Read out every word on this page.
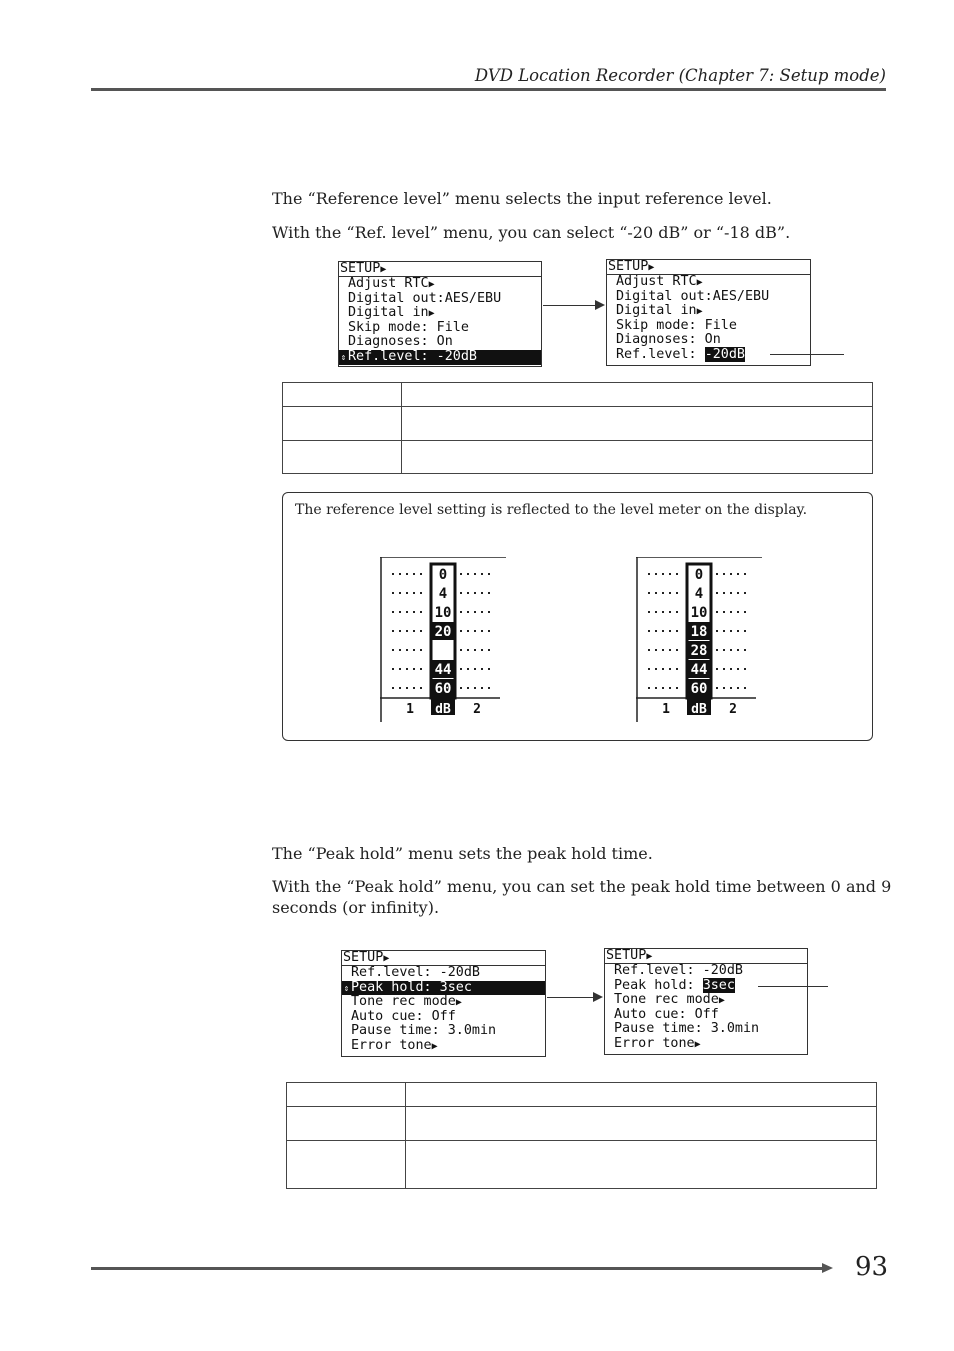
DVD Location Recorder (Chapter 7: Setup mode)
The “Reference level” menu selects the input reference level.
With the “Ref. level” menu, you can select “-20 dB” or “-18 dB”.
SETUP▶
Adjust RTC▶
Digital out:AES/EBU
Digital in▶
Skip mode: File
Diagnoses: On
⇕ Ref.level: -20dB
SETUP▶
Adjust RTC▶
Digital out:AES/EBU
Digital in▶
Skip mode: File
Diagnoses: On
Ref.level: -20dB

The reference level setting is reflected to the level meter on the display.
0
4
10
20
44
60
1 dB 2
0
4
10
18
28
44
60
1 dB 2
The “Peak hold” menu sets the peak hold time.
With the “Peak hold” menu, you can set the peak hold time between 0 and 9 seconds (or infinity).
SETUP▶
Ref.level: -20dB
⇕ Peak hold: 3sec
Tone rec mode▶
Auto cue: Off
Pause time: 3.0min
Error tone▶
SETUP▶
Ref.level: -20dB
Peak hold: 3sec
Tone rec mode▶
Auto cue: Off
Pause time: 3.0min
Error tone▶

93
